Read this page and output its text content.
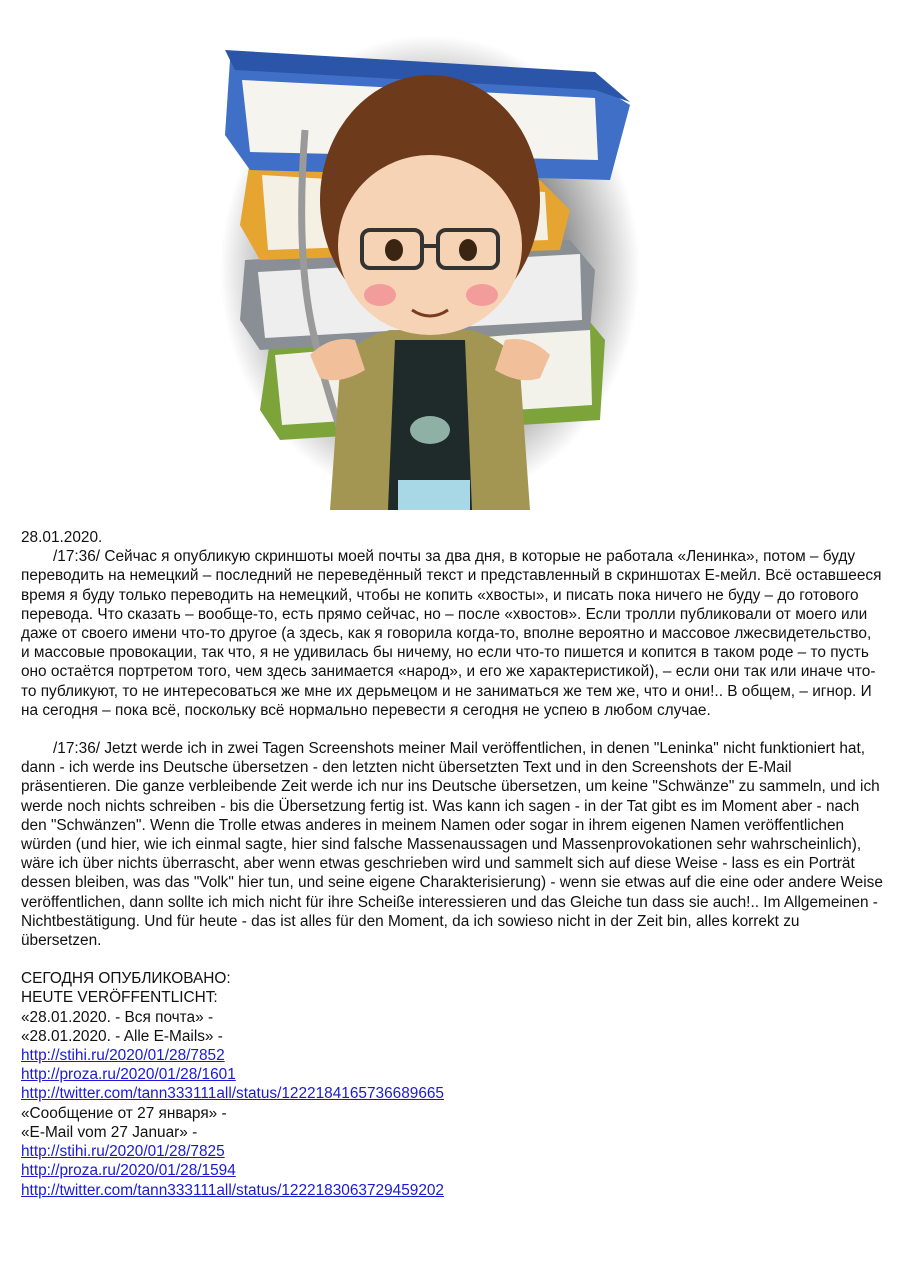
28.01.2020.

/17:36/ Сейчас я опубликую скриншоты моей почты за два дня, в которые не работала «Ленинка», потом – буду переводить на немецкий – последний не переведённый текст и представленный в скриншотах Е-мейл. Всё оставшееся время я буду только переводить на немецкий, чтобы не копить «хвосты», и писать пока ничего не буду – до готового перевода. Что сказать – вообще-то, есть прямо сейчас, но – после «хвостов». Если тролли публиковали от моего или даже от своего имени что-то другое (а здесь, как я говорила когда-то, вполне вероятно и массовое лжесвидетельство, и массовые провокации, так что, я не удивилась бы ничему, но если что-то пишется и копится в таком роде – то пусть оно остаётся портретом того, чем здесь занимается «народ», и его же характеристикой), – если они так или иначе что-то публикуют, то не интересоваться же мне их дерьмецом и не заниматься же тем же, что и они!.. В общем, – игнор. И на сегодня – пока всё, поскольку всё нормально перевести я сегодня не успею в любом случае.

/17:36/ Jetzt werde ich in zwei Tagen Screenshots meiner Mail veröffentlichen, in denen "Leninka" nicht funktioniert hat, dann - ich werde ins Deutsche übersetzen - den letzten nicht übersetzten Text und in den Screenshots der E-Mail präsentieren. Die ganze verbleibende Zeit werde ich nur ins Deutsche übersetzen, um keine "Schwänze" zu sammeln, und ich werde noch nichts schreiben - bis die Übersetzung fertig ist. Was kann ich sagen - in der Tat gibt es im Moment aber - nach den "Schwänzen". Wenn die Trolle etwas anderes in meinem Namen oder sogar in ihrem eigenen Namen veröffentlichen würden (und hier, wie ich einmal sagte, hier sind falsche Massenaussagen und Massenprovokationen sehr wahrscheinlich), wäre ich über nichts überrascht, aber wenn etwas geschrieben wird und sammelt sich auf diese Weise - lass es ein Porträt dessen bleiben, was das "Volk" hier tun, und seine eigene Charakterisierung) - wenn sie etwas auf die eine oder andere Weise veröffentlichen, dann sollte ich mich nicht für ihre Scheiße interessieren und das Gleiche tun dass sie auch!.. Im Allgemeinen - Nichtbestätigung. Und für heute - das ist alles für den Moment, da ich sowieso nicht in der Zeit bin, alles korrekt zu übersetzen.

СЕГОДНЯ ОПУБЛИКОВАНО:

HEUTE VERÖFFENTLICHT:

«28.01.2020. - Вся почта» -

«28.01.2020. - Alle E-Mails» -

http://stihi.ru/2020/01/28/7852

http://proza.ru/2020/01/28/1601

http://twitter.com/tann333111all/status/1222184165736689665

«Сообщение от 27 января» -

«E-Mail vom 27 Januar» -

http://stihi.ru/2020/01/28/7825

http://proza.ru/2020/01/28/1594

http://twitter.com/tann333111all/status/1222183063729459202
